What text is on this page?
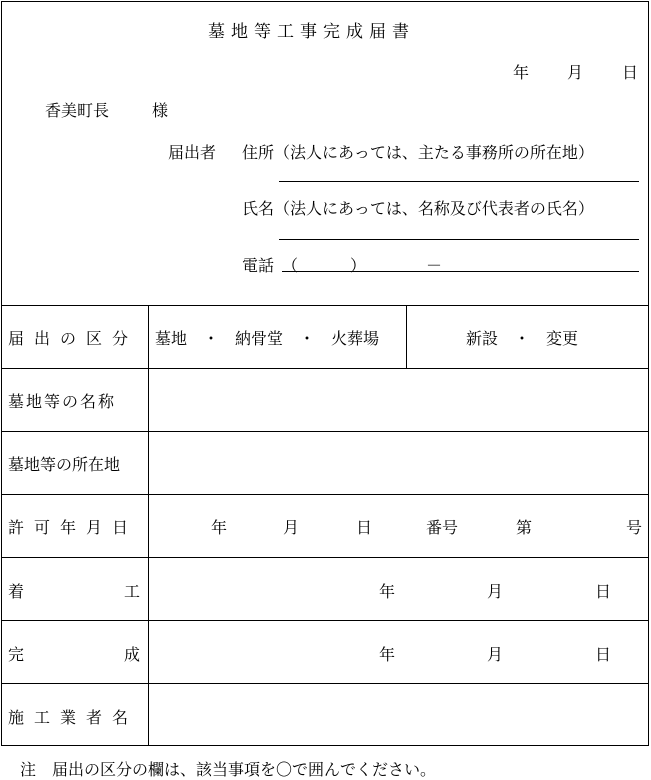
墓地等工事完成届書
年 月 日
香美町長	様
届出者 住所（法人にあっては、主たる事務所の所在地）
氏名（法人にあっては、名称及び代表者の氏名）
電話 （	）	－
届出の区分 墓地　・　納骨堂　・　火葬場	新設　・　変更
墓地等の名称
墓地等の所在地
許可年月日	年	月	日	番号	第	号
着	工	年	月	日
完	成	年	月	日
施工業者名
注　届出の区分の欄は、該当事項を〇で囲んでください。
